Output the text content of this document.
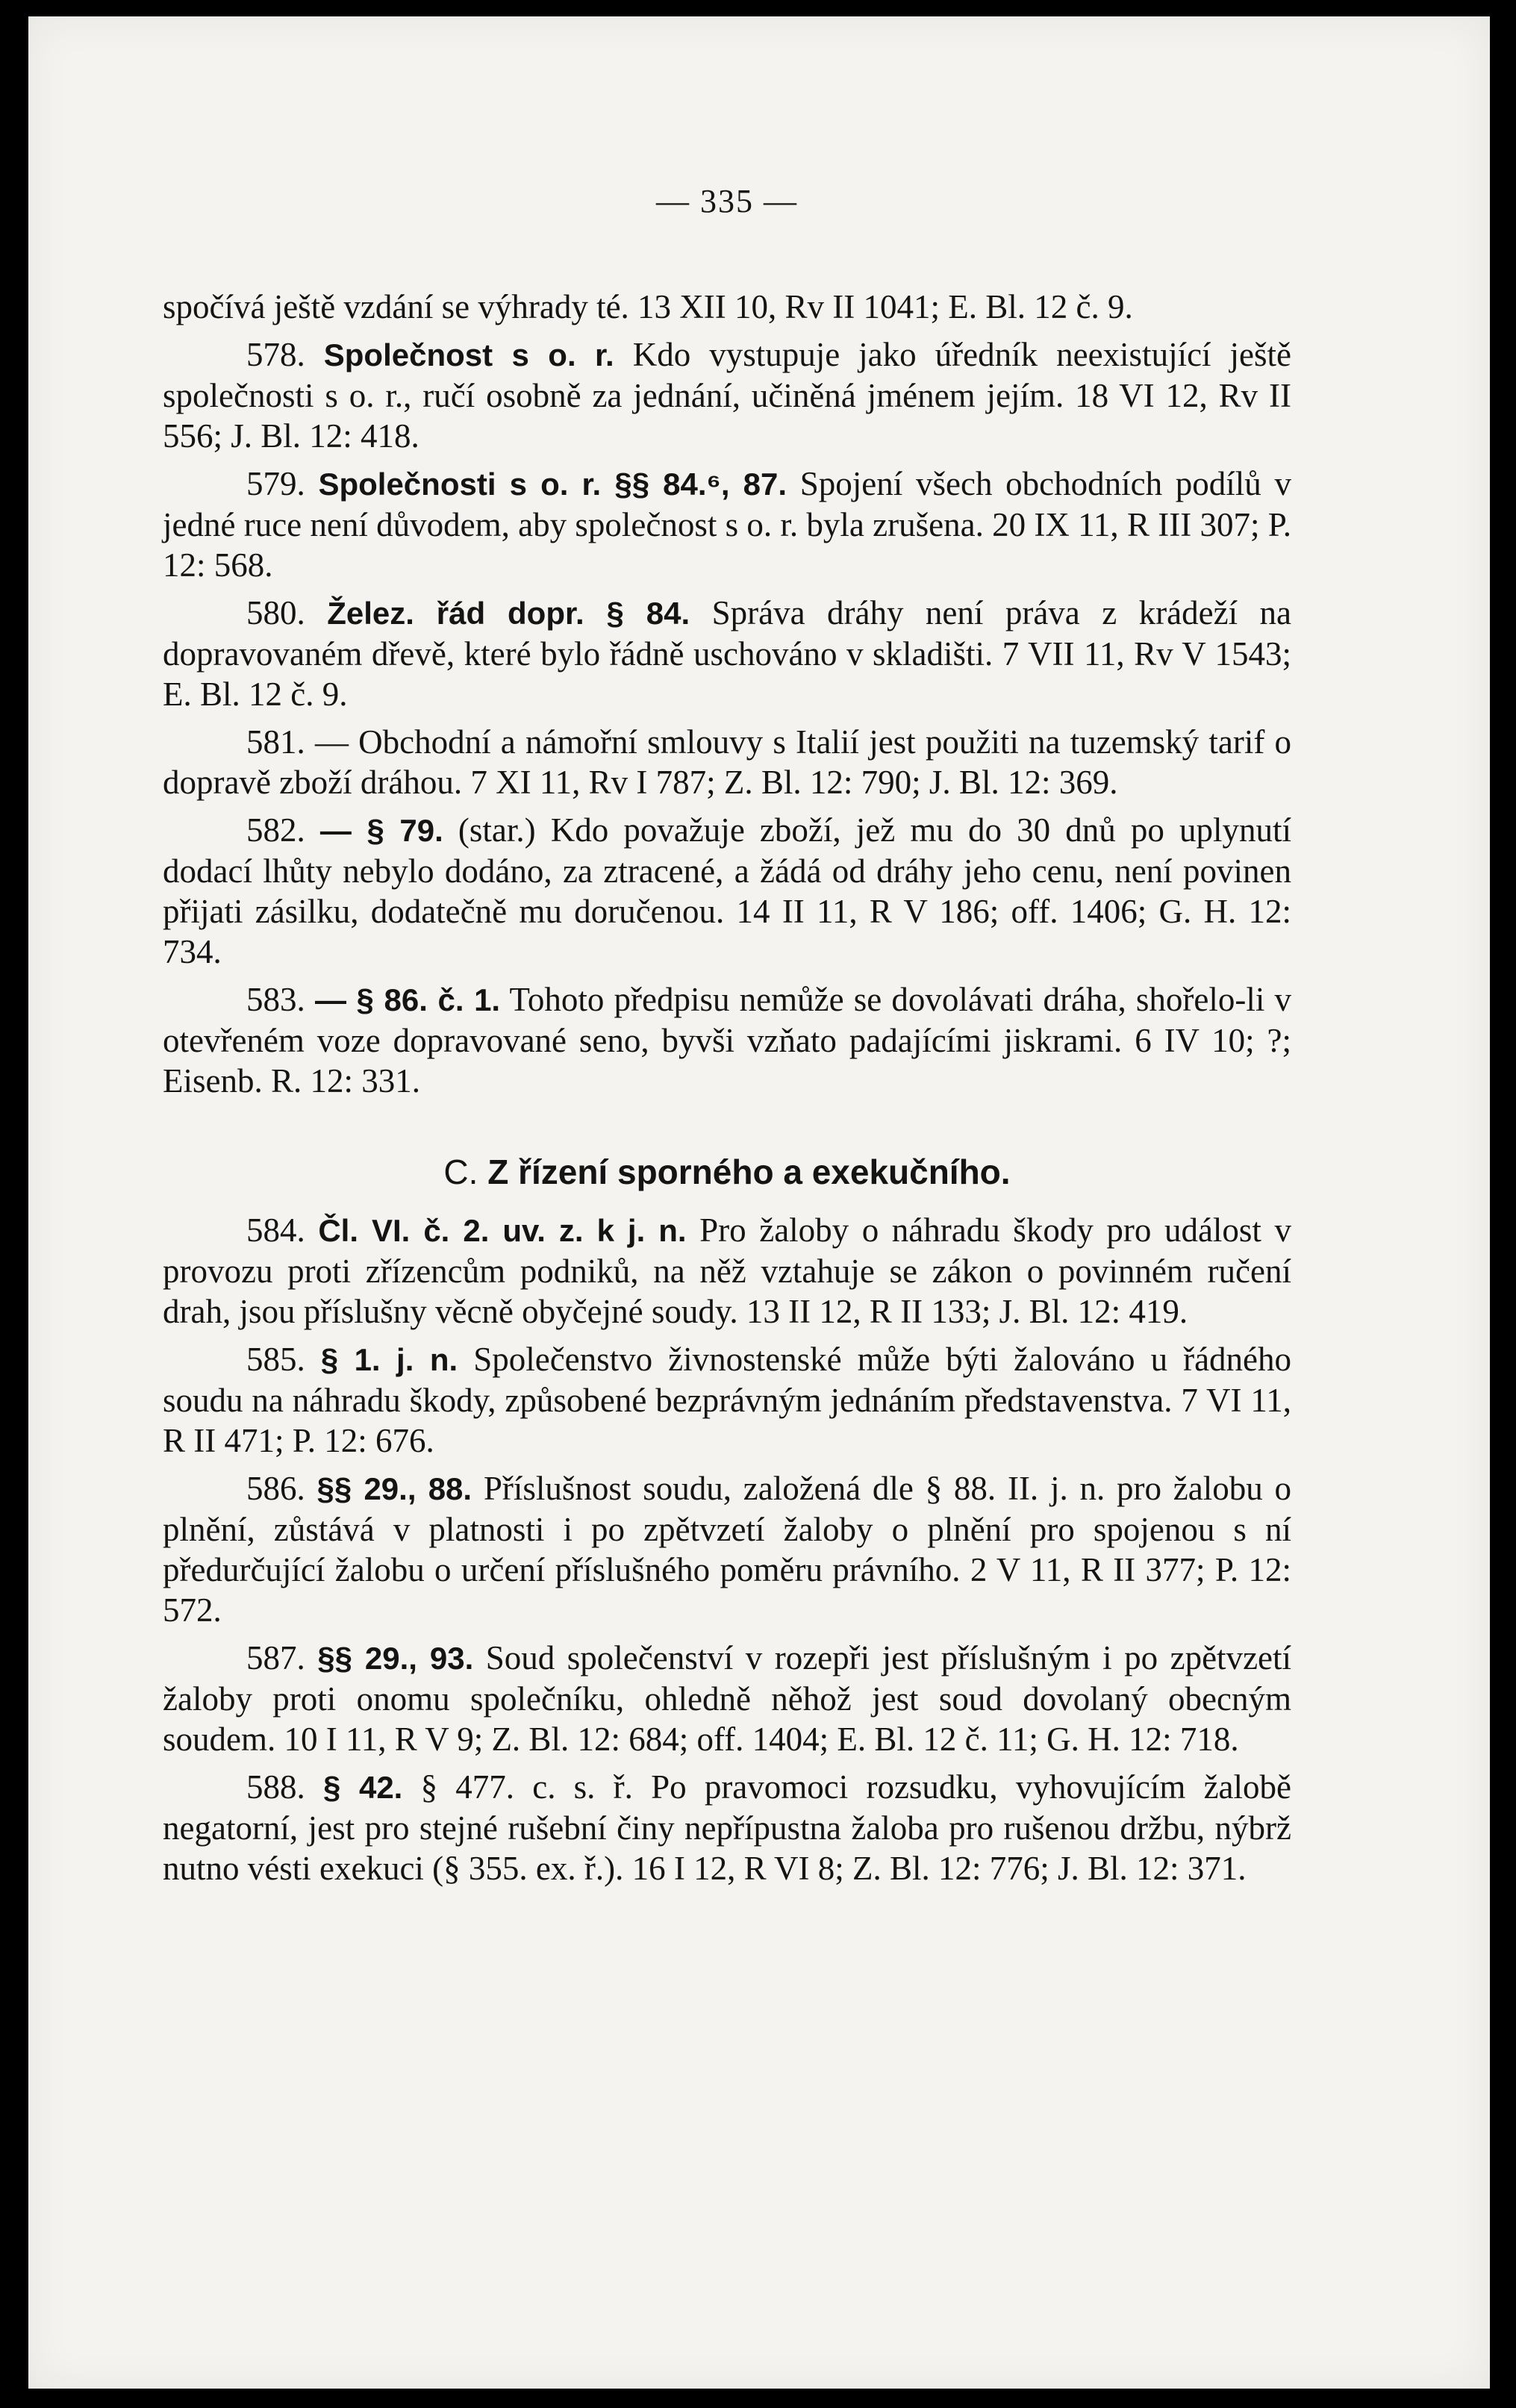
— 335 —

spočívá ještě vzdání se výhrady té. 13 XII 10, Rv II 1041; E. Bl. 12 č. 9.

578. Společnost s o. r. Kdo vystupuje jako úředník neexistující ještě společnosti s o. r., ručí osobně za jednání, učiněná jménem jejím. 18 VI 12, Rv II 556; J. Bl. 12: 418.

579. Společnosti s o. r. §§ 84.⁶, 87. Spojení všech obchodních podílů v jedné ruce není důvodem, aby společnost s o. r. byla zrušena. 20 IX 11, R III 307; P. 12: 568.

580. Želez. řád dopr. § 84. Správa dráhy není práva z krádeží na dopravovaném dřevě, které bylo řádně uschováno v skladišti. 7 VII 11, Rv V 1543; E. Bl. 12 č. 9.

581. — Obchodní a námořní smlouvy s Italií jest použiti na tuzemský tarif o dopravě zboží dráhou. 7 XI 11, Rv I 787; Z. Bl. 12: 790; J. Bl. 12: 369.

582. — § 79. (star.) Kdo považuje zboží, jež mu do 30 dnů po uplynutí dodací lhůty nebylo dodáno, za ztracené, a žádá od dráhy jeho cenu, není povinen přijati zásilku, dodatečně mu doručenou. 14 II 11, R V 186; off. 1406; G. H. 12: 734.

583. — § 86. č. 1. Tohoto předpisu nemůže se dovolávati dráha, shořelo-li v otevřeném voze dopravované seno, byvši vzňato padajícími jiskrami. 6 IV 10; ?; Eisenb. R. 12: 331.

C. Z řízení sporného a exekučního.

584. Čl. VI. č. 2. uv. z. k j. n. Pro žaloby o náhradu škody pro událost v provozu proti zřízencům podniků, na něž vztahuje se zákon o povinném ručení drah, jsou příslušny věcně obyčejné soudy. 13 II 12, R II 133; J. Bl. 12: 419.

585. § 1. j. n. Společenstvo živnostenské může býti žalováno u řádného soudu na náhradu škody, způsobené bezprávným jednáním představenstva. 7 VI 11, R II 471; P. 12: 676.

586. §§ 29., 88. Příslušnost soudu, založená dle § 88. II. j. n. pro žalobu o plnění, zůstává v platnosti i po zpětvzetí žaloby o plnění pro spojenou s ní předurčující žalobu o určení příslušného poměru právního. 2 V 11, R II 377; P. 12: 572.

587. §§ 29., 93. Soud společenství v rozepři jest příslušným i po zpětvzetí žaloby proti onomu společníku, ohledně něhož jest soud dovolaný obecným soudem. 10 I 11, R V 9; Z. Bl. 12: 684; off. 1404; E. Bl. 12 č. 11; G. H. 12: 718.

588. § 42. § 477. c. s. ř. Po pravomoci rozsudku, vyhovujícím žalobě negatorní, jest pro stejné rušební činy nepřípustna žaloba pro rušenou držbu, nýbrž nutno vésti exekuci (§ 355. ex. ř.). 16 I 12, R VI 8; Z. Bl. 12: 776; J. Bl. 12: 371.
